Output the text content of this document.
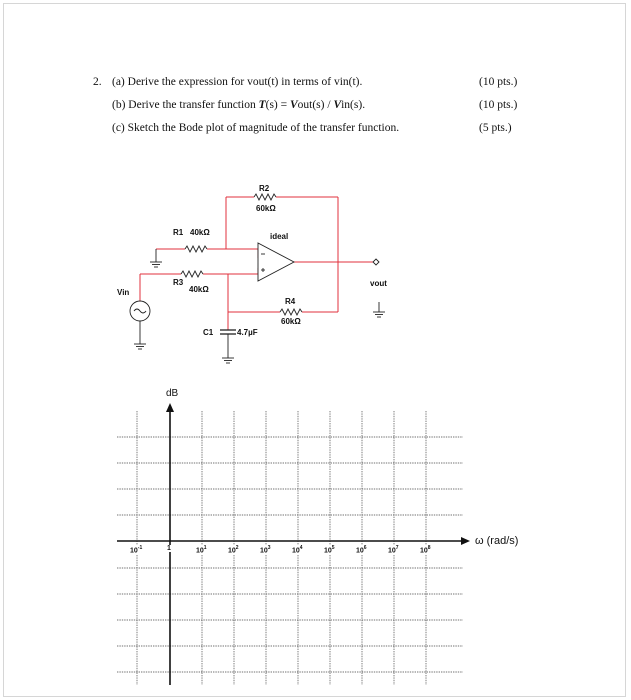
2. (a) Derive the expression for vout(t) in terms of vin(t).	(10 pts.)
(b) Derive the transfer function T(s) = Vout(s) / Vin(s).	(10 pts.)
(c) Sketch the Bode plot of magnitude of the transfer function.	(5 pts.)
R2
60kΩ
R1 40kΩ	ideal
R3
40kΩ
Vin
vout
R4
60kΩ
C1	4.7µF
dB
ω (rad/s)
$10^{-1}$	1	$10^1$	$10^2$	$10^3$	$10^4$	$10^5$	$10^6$	$10^7$	$10^8$
